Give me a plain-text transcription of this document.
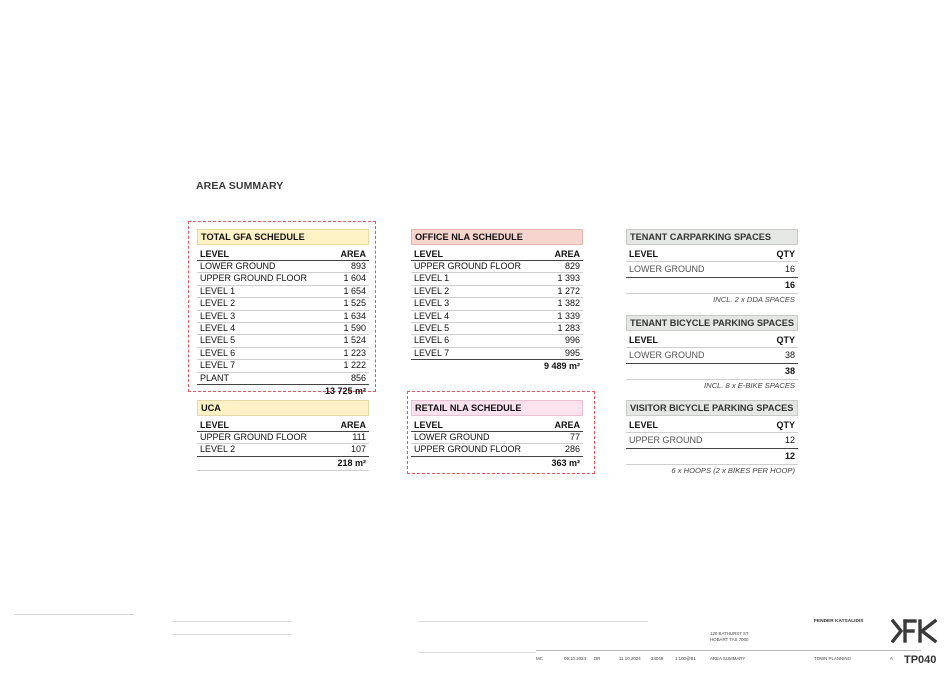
AREA SUMMARY
TOTAL GFA SCHEDULE
LEVEL	AREA
LOWER GROUND	893
UPPER GROUND FLOOR	1 604
LEVEL 1	1 654
LEVEL 2	1 525
LEVEL 3	1 634
LEVEL 4	1 590
LEVEL 5	1 524
LEVEL 6	1 223
LEVEL 7	1 222
PLANT	856
13 725 m²
UCA
LEVEL	AREA
UPPER GROUND FLOOR	111
LEVEL 2	107
218 m²
OFFICE NLA SCHEDULE
LEVEL	AREA
UPPER GROUND FLOOR	829
LEVEL 1	1 393
LEVEL 2	1 272
LEVEL 3	1 382
LEVEL 4	1 339
LEVEL 5	1 283
LEVEL 6	996
LEVEL 7	995
9 489 m²
RETAIL NLA SCHEDULE
LEVEL	AREA
LOWER GROUND	77
UPPER GROUND FLOOR	286
363 m²
TENANT CARPARKING SPACES
LEVEL	QTY
LOWER GROUND	16
16
INCL. 2 x DDA SPACES
TENANT BICYCLE PARKING SPACES
LEVEL	QTY
LOWER GROUND	38
38
INCL. 8 x E-BIKE SPACES
VISITOR BICYCLE PARKING SPACES
LEVEL	QTY
UPPER GROUND	12
12
6 x HOOPS (2 x BIKES PER HOOP)
120 BATHURST ST
HOBART TAS 7000
MC	09.10.2024 DR	11.10.2024 24049	1:100@B1	AREA SUMMARY	TOWN PLANNING	A TP040
FENDER KATSALIDIS
